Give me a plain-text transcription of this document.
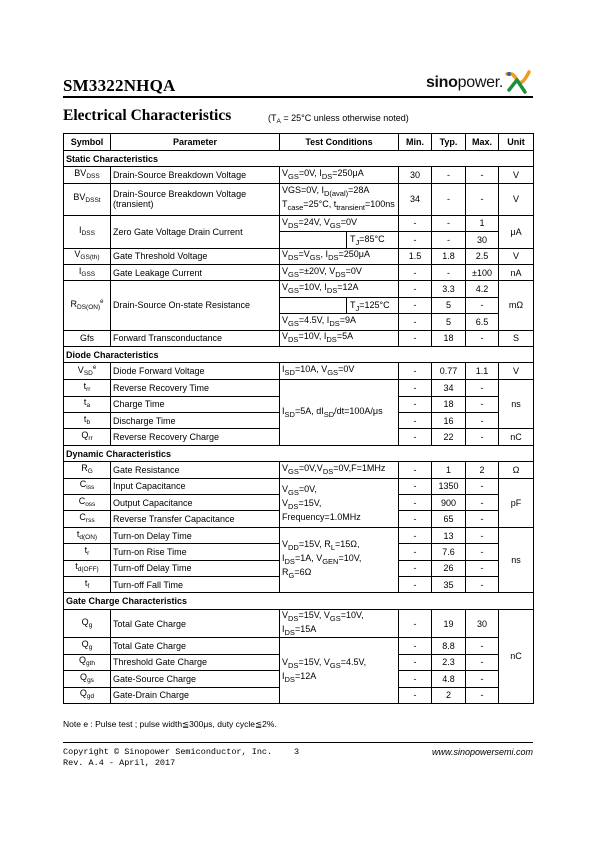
SM3322NHQA	sinopower.
Electrical Characteristics	($T_A = 25^\circ C$ unless otherwise noted)
Symbol	Parameter	Test Conditions	Min.	Typ.	Max.	Unit
Static Characteristics						
$BV_{DSS}$	Drain-Source Breakdown Voltage	$V_{GS}=0V$, $I_{DS}=250\mu A$	30	-	-	V
$BV_{DSSt}$	Drain-Source Breakdown Voltage (transient)	VGS=0V, $I_{D(aval)}=28A$ $T_{case}=25^\circ C$, $t_{transient}=100ns$	34	-	-	V
$I_{DSS}$	Zero Gate Voltage Drain Current	$V_{DS}=24V$, $V_{GS}=0V$	-	-	1	μA

		$T_J=85^\circ C$	-	-	30	
$V_{GS(th)}$	Gate Threshold Voltage	$V_{DS}=V_{GS}$, $I_{DS}=250\mu A$	1.5	1.8	2.5	V
$I_{GSS}$	Gate Leakage Current	$V_{GS}=\pm 20V$, $V_{DS}=0V$	-	-	±100	nA
$R_{DS(ON)}^e$	Drain-Source On-state Resistance	$V_{GS}=10V$, $I_{DS}=12A$	-	3.3	4.2	mΩ

		$T_J=125^\circ C$	-	5	-	
		$V_{GS}=4.5V$, $I_{DS}=9A$	-	5	6.5	
Gfs	Forward Transconductance	$V_{DS}=10V$, $I_{DS}=5A$	-	18	-	S
Diode Characteristics						
$V_{SD}^e$	Diode Forward Voltage	$I_{SD}=10A$, $V_{GS}=0V$	-	0.77	1.1	V
$t_{rr}$	Reverse Recovery Time	$I_{SD}=5A$, $dI_{SD}/dt=100A/\mu s$	-	34	-	ns
$t_a$	Charge Time		-	18	-	
$t_b$	Discharge Time		-	16	-	
$Q_{rr}$	Reverse Recovery Charge		-	22	-	nC
Dynamic Characteristics						
$R_G$	Gate Resistance	$V_{GS}=0V,V_{DS}=0V,F=1MHz$	-	1	2	Ω
$C_{iss}$	Input Capacitance	$V_{GS}=0V$,
$V_{DS}=15V$,
Frequency=1.0MHz	-	1350	-	pF
$C_{oss}$	Output Capacitance		-	900	-	
$C_{rss}$	Reverse Transfer Capacitance		-	65	-	
$t_{d(ON)}$	Turn-on Delay Time	$V_{DD}=15V$, $R_L=15\Omega$,
$I_{DS}=1A$, $V_{GEN}=10V$,
$R_G=6\Omega$	-	13	-	ns
$t_r$	Turn-on Rise Time		-	7.6	-	
$t_{d(OFF)}$	Turn-off Delay Time		-	26	-	
$t_f$	Turn-off Fall Time		-	35	-	
Gate Charge Characteristics						
$Q_g$	Total Gate Charge	$V_{DS}=15V$, $V_{GS}=10V$,
$I_{DS}=15A$	-	19	30	nC
$Q_g$	Total Gate Charge	$V_{DS}=15V$, $V_{GS}=4.5V$,
$I_{DS}=12A$	-	8.8	-	
$Q_{gth}$	Threshold Gate Charge		-	2.3	-	
$Q_{gs}$	Gate-Source Charge		-	4.8	-	
$Q_{gd}$	Gate-Drain Charge		-	2	-	
Note e : Pulse test ; pulse width≦300μs, duty cycle≦2%.
Copyright © Sinopower Semiconductor, Inc.
Rev. A.4 - April, 2017
3	www.sinopowersemi.com
